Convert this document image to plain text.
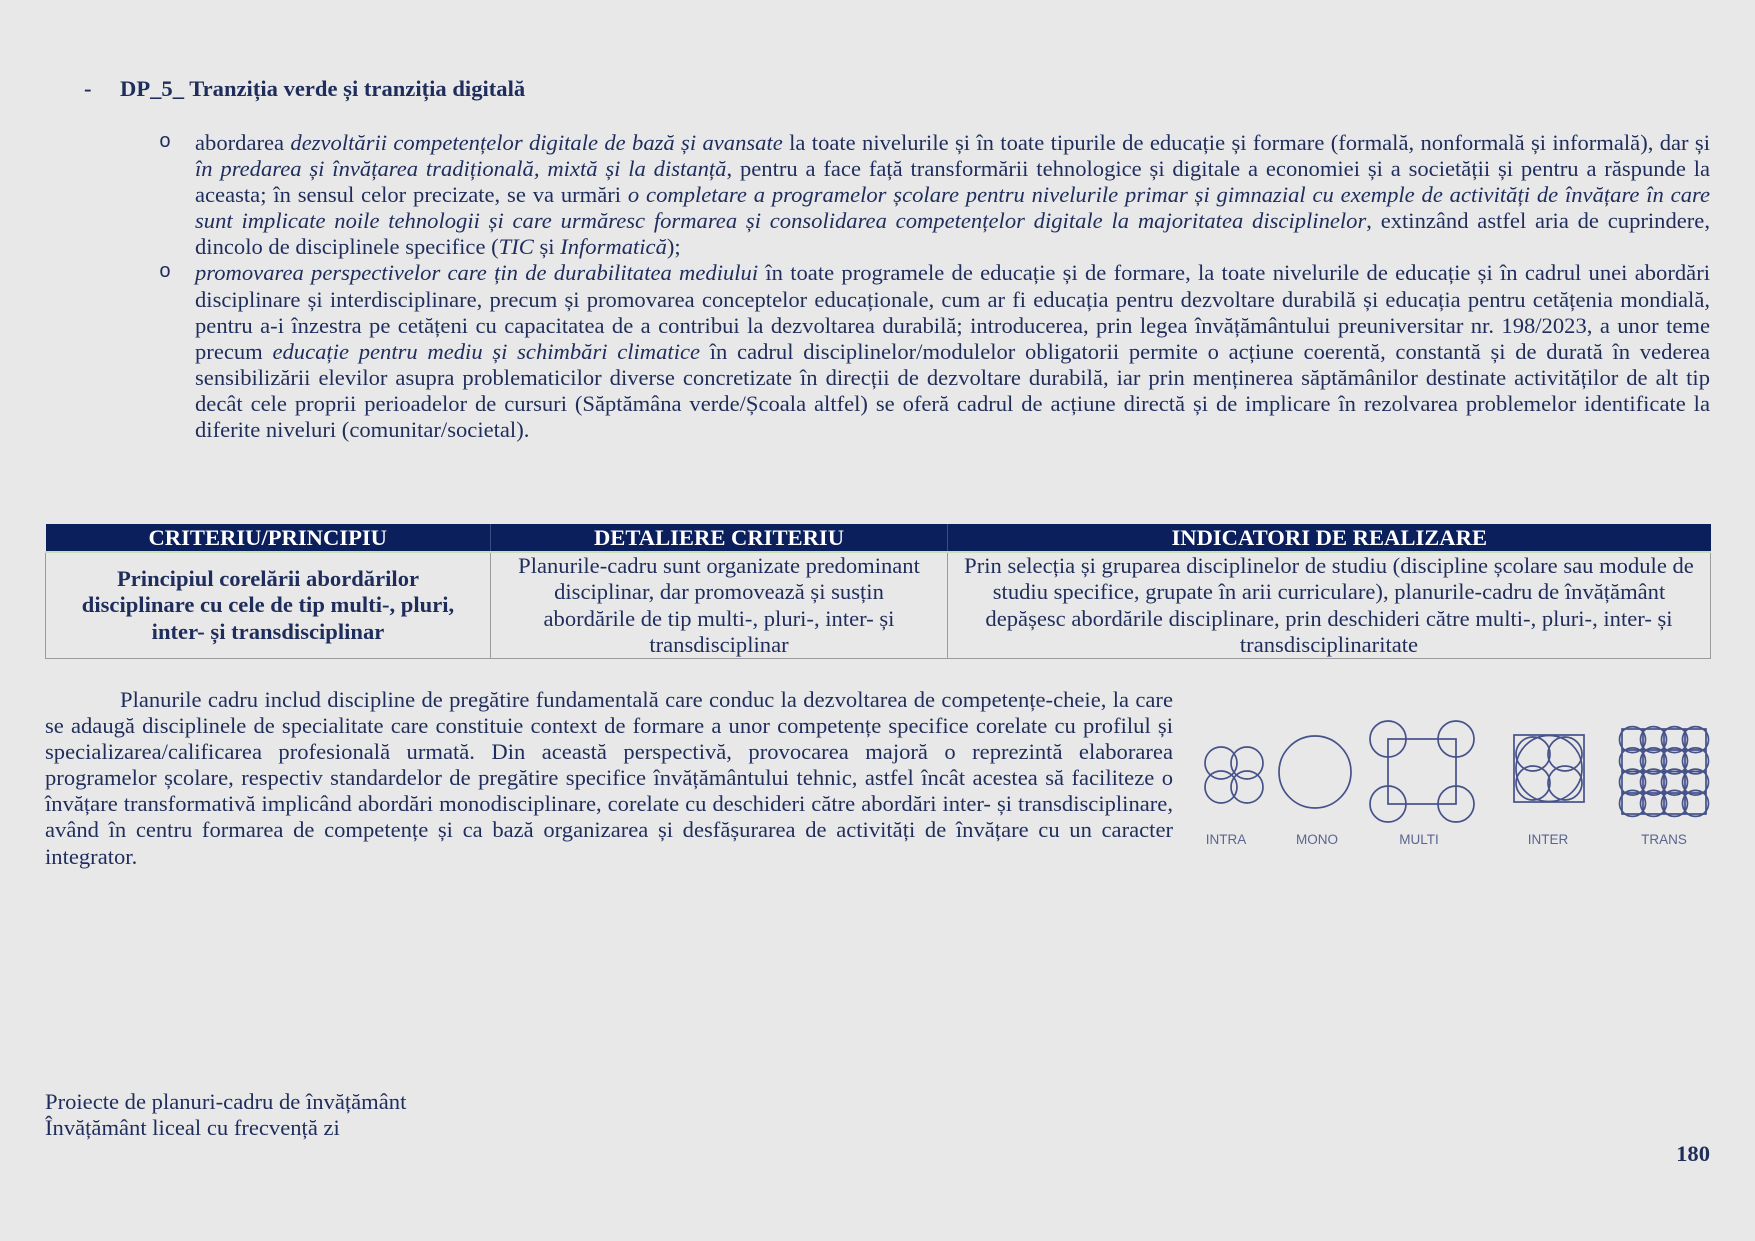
- DP_5_ Tranziția verde și tranziția digitală
o abordarea dezvoltării competențelor digitale de bază și avansate la toate nivelurile și în toate tipurile de educație și formare (formală, nonformală și informală), dar și în predarea și învățarea tradițională, mixtă și la distanță, pentru a face față transformării tehnologice și digitale a economiei și a societății și pentru a răspunde la aceasta; în sensul celor precizate, se va urmări o completare a programelor școlare pentru nivelurile primar și gimnazial cu exemple de activități de învățare în care sunt implicate noile tehnologii și care urmăresc formarea și consolidarea competențelor digitale la majoritatea disciplinelor, extinzând astfel aria de cuprindere, dincolo de disciplinele specifice (TIC și Informatică);

o promovarea perspectivelor care țin de durabilitatea mediului în toate programele de educație și de formare, la toate nivelurile de educație și în cadrul unei abordări disciplinare și interdisciplinare, precum și promovarea conceptelor educaționale, cum ar fi educația pentru dezvoltare durabilă și educația pentru cetățenia mondială, pentru a-i înzestra pe cetățeni cu capacitatea de a contribui la dezvoltarea durabilă; introducerea, prin legea învățământului preuniversitar nr. 198/2023, a unor teme precum educație pentru mediu și schimbări climatice în cadrul disciplinelor/modulelor obligatorii permite o acțiune coerentă, constantă și de durată în vederea sensibilizării elevilor asupra problematicilor diverse concretizate în direcții de dezvoltare durabilă, iar prin menținerea săptămânilor destinate activităților de alt tip decât cele proprii perioadelor de cursuri (Săptămâna verde/Școala altfel) se oferă cadrul de acțiune directă și de implicare în rezolvarea problemelor identificate la diferite niveluri (comunitar/societal).

CRITERIU/PRINCIPIU	DETALIERE CRITERIU	INDICATORI DE REALIZARE
Principiul corelării abordărilor disciplinare cu cele de tip multi-, pluri, inter- și transdisciplinar	Planurile-cadru sunt organizate predominant disciplinar, dar promovează și susțin abordările de tip multi-, pluri-, inter- și transdisciplinar	Prin selecția și gruparea disciplinelor de studiu (discipline școlare sau module de studiu specifice, grupate în arii curriculare), planurile-cadru de învățământ depășesc abordările disciplinare, prin deschideri către multi-, pluri-, inter- și transdisciplinaritate

Planurile cadru includ discipline de pregătire fundamentală care conduc la dezvoltarea de competențe-cheie, la care se adaugă disciplinele de specialitate care constituie context de formare a unor competențe specifice corelate cu profilul și specializarea/calificarea profesională urmată. Din această perspectivă, provocarea majoră o reprezintă elaborarea programelor școlare, respectiv standardelor de pregătire specifice învățământului tehnic, astfel încât acestea să faciliteze o învățare transformativă implicând abordări monodisciplinare, corelate cu deschideri către abordări inter- și transdisciplinare, având în centru formarea de competențe și ca bază organizarea și desfășurarea de activități de învățare cu un caracter integrator.

INTRA	MONO	MULTI	INTER	TRANS
Proiecte de planuri-cadru de învățământ
Învățământ liceal cu frecvență zi
180
